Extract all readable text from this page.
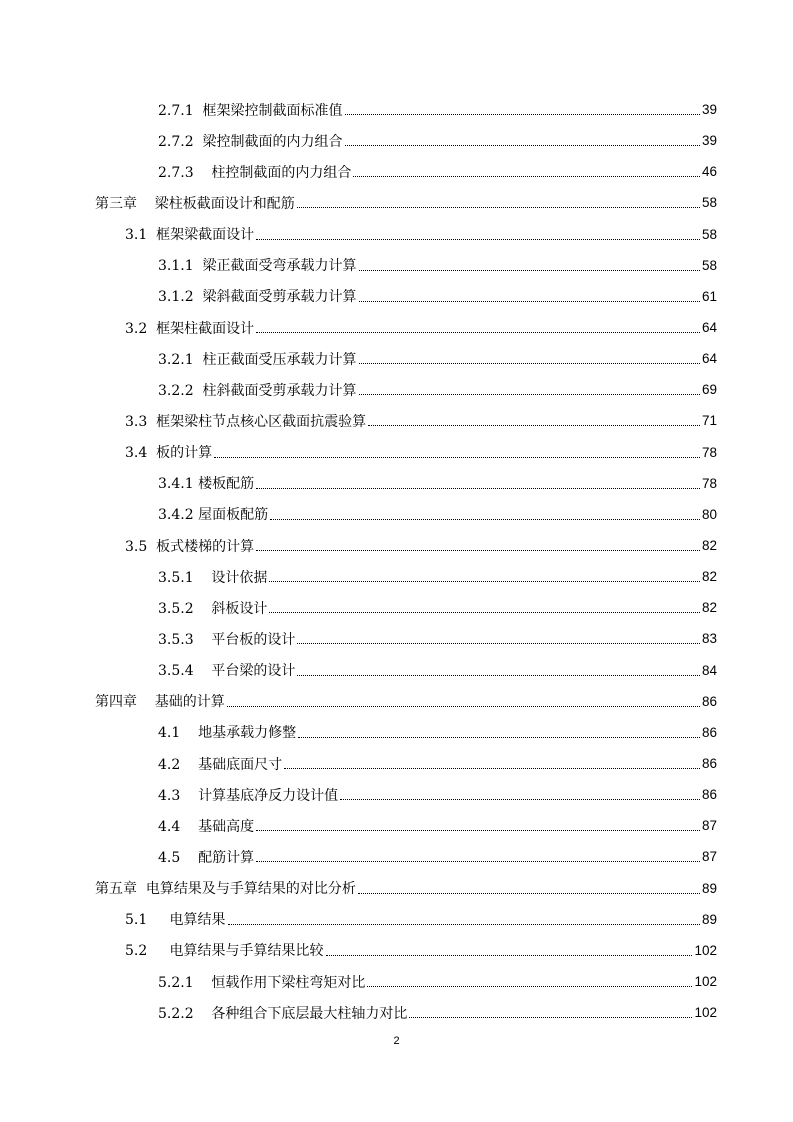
2.7.1  框架梁控制截面标准值	39
2.7.2  梁控制截面的内力组合	39
2.7.3    柱控制截面的内力组合	46
第三章    梁柱板截面设计和配筋	58
3.1  框架梁截面设计	58
3.1.1  梁正截面受弯承载力计算	58
3.1.2  梁斜截面受剪承载力计算	61
3.2  框架柱截面设计	64
3.2.1  柱正截面受压承载力计算	64
3.2.2  柱斜截面受剪承载力计算	69
3.3  框架梁柱节点核心区截面抗震验算	71
3.4  板的计算	78
3.4.1 楼板配筋	78
3.4.2 屋面板配筋	80
3.5  板式楼梯的计算	82
3.5.1    设计依据	82
3.5.2    斜板设计	82
3.5.3    平台板的设计	83
3.5.4    平台梁的设计	84
第四章    基础的计算	86
4.1    地基承载力修整	86
4.2    基础底面尺寸	86
4.3    计算基底净反力设计值	86
4.4    基础高度	87
4.5    配筋计算	87
第五章  电算结果及与手算结果的对比分析	89
5.1     电算结果	89
5.2     电算结果与手算结果比较	102
5.2.1    恒载作用下梁柱弯矩对比	102
5.2.2    各种组合下底层最大柱轴力对比	102
2
